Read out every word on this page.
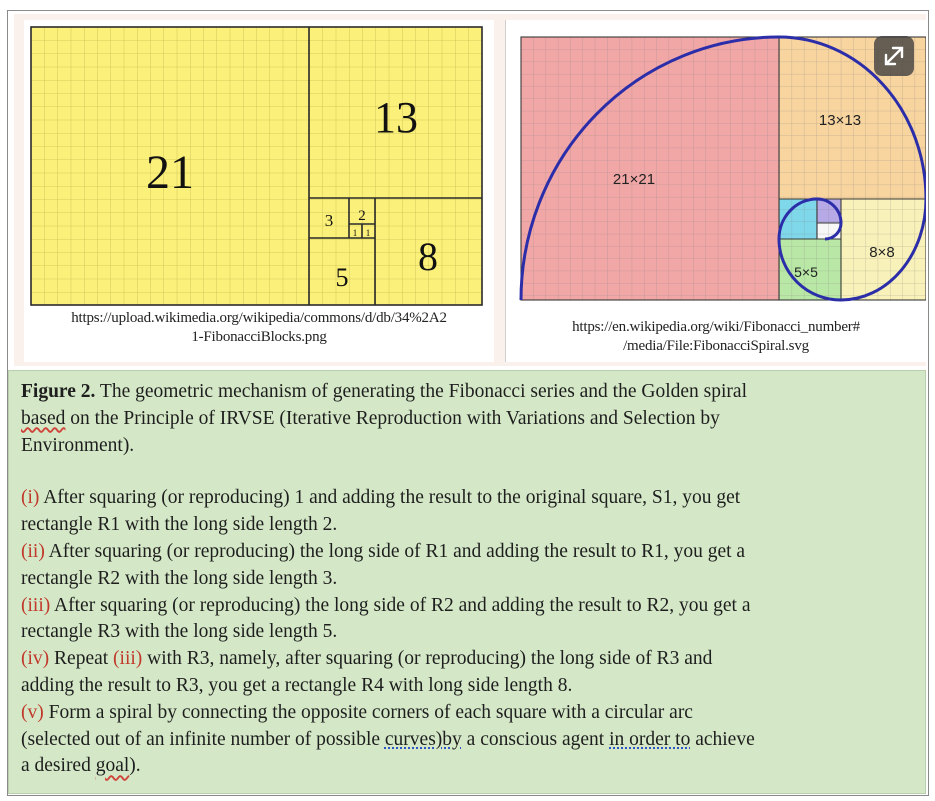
21
13
8
5
3 2
1 1
https://upload.wikimedia.org/wikipedia/commons/d/db/34%2A2
1-FibonacciBlocks.png
21×21
13×13
8×8
5×5
https://en.wikipedia.org/wiki/Fibonacci_number#
/media/File:FibonacciSpiral.svg

Figure 2. The geometric mechanism of generating the Fibonacci series and the Golden spiral

based on the Principle of IRVSE (Iterative Reproduction with Variations and Selection by

Environment).

(i) After squaring (or reproducing) 1 and adding the result to the original square, S1, you get

rectangle R1 with the long side length 2.

(ii) After squaring (or reproducing) the long side of R1 and adding the result to R1, you get a

rectangle R2 with the long side length 3.

(iii) After squaring (or reproducing) the long side of R2 and adding the result to R2, you get a

rectangle R3 with the long side length 5.

(iv) Repeat (iii) with R3, namely, after squaring (or reproducing) the long side of R3 and

adding the result to R3, you get a rectangle R4 with long side length 8.

(v) Form a spiral by connecting the opposite corners of each square with a circular arc

(selected out of an infinite number of possible curves)by a conscious agent in order to achieve

a desired goal).
